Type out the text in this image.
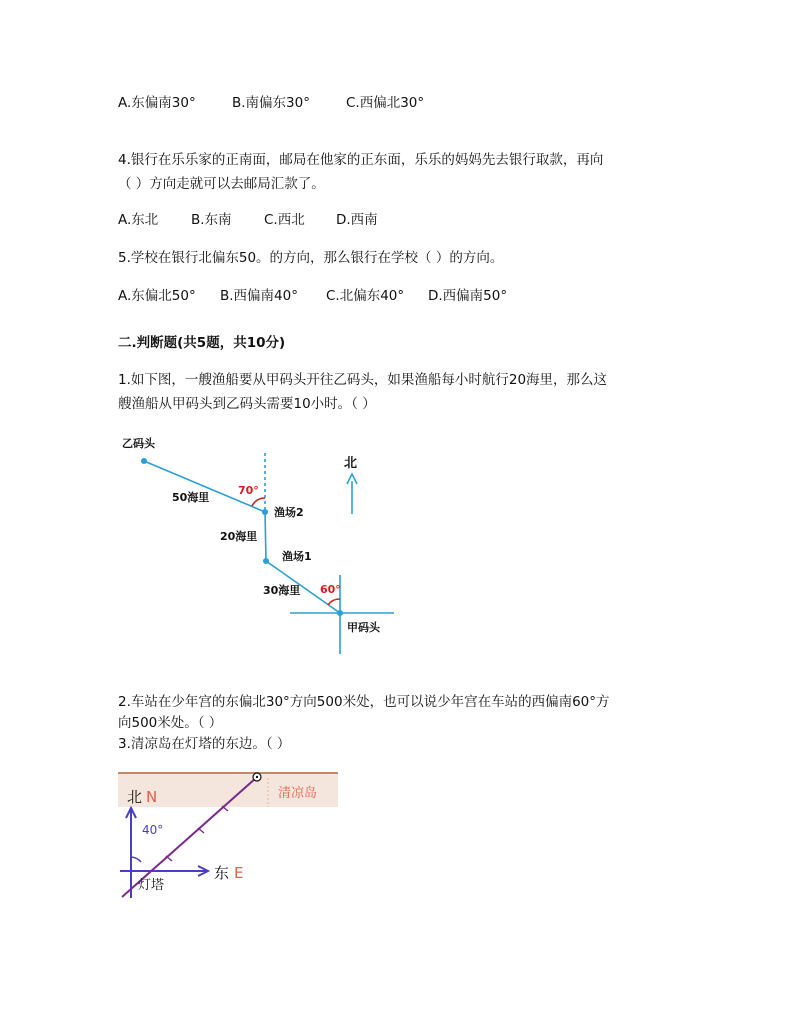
A.东偏南30°	B.南偏东30°	C.西偏北30°
4.银行在乐乐家的正南面，邮局在他家的正东面，乐乐的妈妈先去银行取款，再向
（ ）方向走就可以去邮局汇款了。
A.东北 B.东南 C.西北 D.西南
5.学校在银行北偏东50。的方向，那么银行在学校（ ）的方向。
A.东偏北50° B.西偏南40° C.北偏东40° D.西偏南50°
二.判断题(共5题，共10分)
1.如下图，一艘渔船要从甲码头开往乙码头，如果渔船每小时航行20海里，那么这
艘渔船从甲码头到乙码头需要10小时。（ ）
乙码头
50海里
70°
渔场2
20海里
渔场1
30海里 60°
甲码头
北
2.车站在少年宫的东偏北30°方向500米处，也可以说少年宫在车站的西偏南60°方
向500米处。（ ）
3.清凉岛在灯塔的东边。（ ）
北 N
40°
东 E
灯塔
清凉岛
